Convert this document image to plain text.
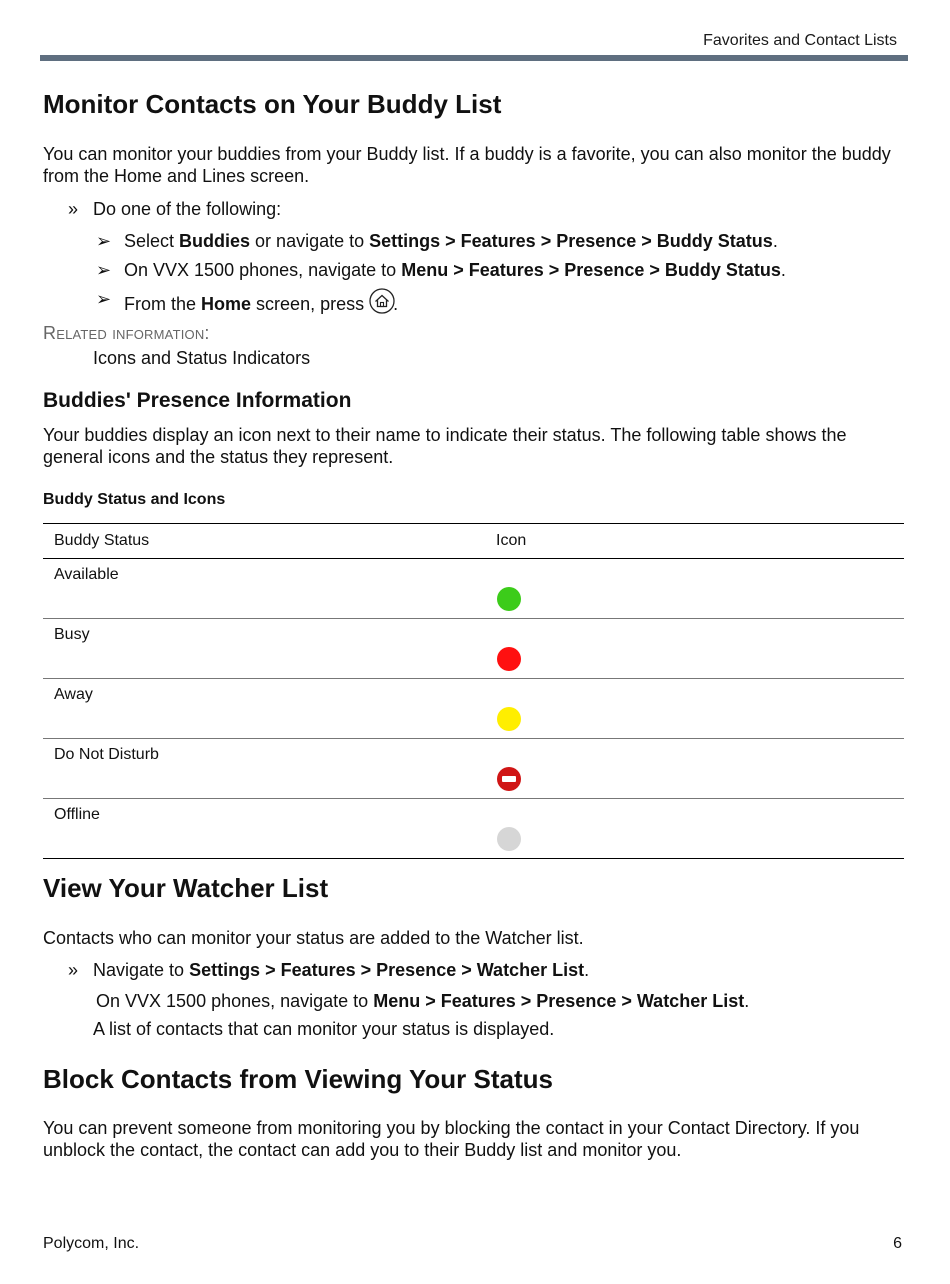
Favorites and Contact Lists
Monitor Contacts on Your Buddy List

You can monitor your buddies from your Buddy list. If a buddy is a favorite, you can also monitor the buddy from the Home and Lines screen.

» Do one of the following:
➢ Select Buddies or navigate to Settings > Features > Presence > Buddy Status.
➢ On VVX 1500 phones, navigate to Menu > Features > Presence > Buddy Status.
➢ From the Home screen, press .
Related information:
Icons and Status Indicators
Buddies' Presence Information

Your buddies display an icon next to their name to indicate their status. The following table shows the general icons and the status they represent.

Buddy Status and Icons
Buddy Status	Icon
Available	

Busy	

Away	

Do Not Disturb	

Offline	
View Your Watcher List

Contacts who can monitor your status are added to the Watcher list.

» Navigate to Settings > Features > Presence > Watcher List.
On VVX 1500 phones, navigate to Menu > Features > Presence > Watcher List.
A list of contacts that can monitor your status is displayed.
Block Contacts from Viewing Your Status

You can prevent someone from monitoring you by blocking the contact in your Contact Directory. If you unblock the contact, the contact can add you to their Buddy list and monitor you.

Polycom, Inc.	6
